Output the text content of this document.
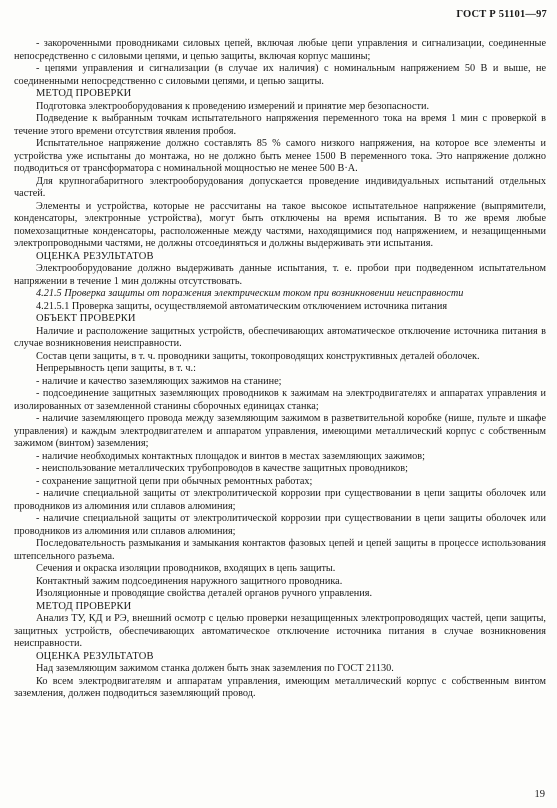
ГОСТ Р 51101—97

- закороченными проводниками силовых цепей, включая любые цепи управления и сигнализации, соединенные непосредственно с силовыми цепями, и цепью защиты, включая корпус машины;

- цепями управления и сигнализации (в случае их наличия) с номинальным напряжением 50 В и выше, не соединенными непосредственно с силовыми цепями, и цепью защиты.

МЕТОД ПРОВЕРКИ

Подготовка электрооборудования к проведению измерений и принятие мер безопасности.

Подведение к выбранным точкам испытательного напряжения переменного тока на время 1 мин с проверкой в течение этого времени отсутствия явления пробоя.

Испытательное напряжение должно составлять 85 % самого низкого напряжения, на которое все элементы и устройства уже испытаны до монтажа, но не должно быть менее 1500 В переменного тока. Это напряжение должно подводиться от трансформатора с номинальной мощностью не менее 500 В·А.

Для крупногабаритного электрооборудования допускается проведение индивидуальных испытаний отдельных частей.

Элементы и устройства, которые не рассчитаны на такое высокое испытательное напряжение (выпрямители, конденсаторы, электронные устройства), могут быть отключены на время испытания. В то же время любые помехозащитные конденсаторы, расположенные между частями, находящимися под напряжением, и незащищенными электропроводными частями, не должны отсоединяться и должны выдерживать эти испытания.

ОЦЕНКА РЕЗУЛЬТАТОВ

Электрооборудование должно выдерживать данные испытания, т. е. пробои при подведенном испытательном напряжении в течение 1 мин должны отсутствовать.

4.21.5 Проверка защиты от поражения электрическим током при возникновении неисправности

4.21.5.1 Проверка защиты, осуществляемой автоматическим отключением источника питания

ОБЪЕКТ ПРОВЕРКИ

Наличие и расположение защитных устройств, обеспечивающих автоматическое отключение источника питания в случае возникновения неисправности.

Состав цепи защиты, в т. ч. проводники защиты, токопроводящих конструктивных деталей оболочек.

Непрерывность цепи защиты, в т. ч.:

- наличие и качество заземляющих зажимов на станине;

- подсоединение защитных заземляющих проводников к зажимам на электродвигателях и аппаратах управления и изолированных от заземленной станины сборочных единицах станка;

- наличие заземляющего провода между заземляющим зажимом в разветвительной коробке (нише, пульте и шкафе управления) и каждым электродвигателем и аппаратом управления, имеющими металлический корпус с собственным зажимом (винтом) заземления;

- наличие необходимых контактных площадок и винтов в местах заземляющих зажимов;

- неиспользование металлических трубопроводов в качестве защитных проводников;

- сохранение защитной цепи при обычных ремонтных работах;

- наличие специальной защиты от электролитической коррозии при существовании в цепи защиты оболочек или проводников из алюминия или сплавов алюминия;

- наличие специальной защиты от электролитической коррозии при существовании в цепи защиты оболочек или проводников из алюминия или сплавов алюминия;

Последовательность размыкания и замыкания контактов фазовых цепей и цепей защиты в процессе использования штепсельного разъема.

Сечения и окраска изоляции проводников, входящих в цепь защиты.

Контактный зажим подсоединения наружного защитного проводника.

Изоляционные и проводящие свойства деталей органов ручного управления.

МЕТОД ПРОВЕРКИ

Анализ ТУ, КД и РЭ, внешний осмотр с целью проверки незащищенных электропроводящих частей, цепи защиты, защитных устройств, обеспечивающих автоматическое отключение источника питания в случае возникновения неисправности.

ОЦЕНКА РЕЗУЛЬТАТОВ

Над заземляющим зажимом станка должен быть знак заземления по ГОСТ 21130.

Ко всем электродвигателям и аппаратам управления, имеющим металлический корпус с собственным винтом заземления, должен подводиться заземляющий провод.

19
